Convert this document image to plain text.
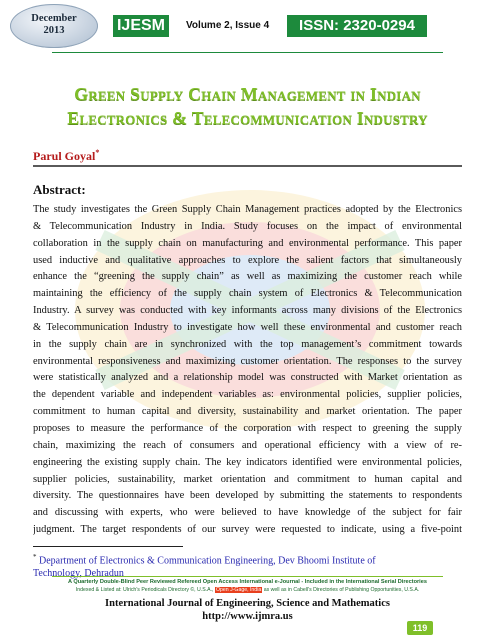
December
2013	IJESM	Volume 2, Issue 4	ISSN: 2320-0294
Green Supply Chain Management in Indian
Electronics & Telecommunication Industry
Parul Goyal*
Abstract:
The study investigates the Green Supply Chain Management practices adopted by the Electronics
& Telecommunication Industry in India. Study focuses on the impact of environmental
collaboration in the supply chain on manufacturing and environmental performance. This paper
used inductive and qualitative approaches to explore the salient factors that simultaneously
enhance the “greening the supply chain” as well as maximizing the customer reach while
maintaining the efficiency of the supply chain system of Electronics & Telecommunication
Industry. A survey was conducted with key informants across many divisions of the Electronics
& Telecommunication Industry to investigate how well these environmental and customer reach
in the supply chain are in synchronized with the top management’s commitment towards
environmental responsiveness and maximizing customer orientation. The responses to the survey
were statistically analyzed and a relationship model was constructed with Market orientation as
the dependent variable and independent variables as: environmental policies, supplier policies,
commitment to human capital and diversity, sustainability and market orientation. The paper
proposes to measure the performance of the corporation with respect to greening the supply
chain, maximizing the reach of consumers and operational efficiency with a view of re-
engineering the existing supply chain. The key indicators identified were environmental policies,
supplier policies, sustainability, market orientation and commitment to human capital and
diversity. The questionnaires have been developed by submitting the statements to respondents
and discussing with experts, who were believed to have knowledge of the subject for fair
judgment. The target respondents of our survey were requested to indicate, using a five-point
* Department of Electronics & Communication Engineering, Dev Bhoomi Institute of
Technology, Dehradun
A Quarterly Double-Blind Peer Reviewed Refereed Open Access International e-Journal - Included in the International Serial Directories
Indexed & Listed at: Ulrich's Periodicals Directory ©, U.S.A., Open J-Gage, India as well as in Cabell's Directories of Publishing Opportunities, U.S.A.
International Journal of Engineering, Science and Mathematics
http://www.ijmra.us
119
